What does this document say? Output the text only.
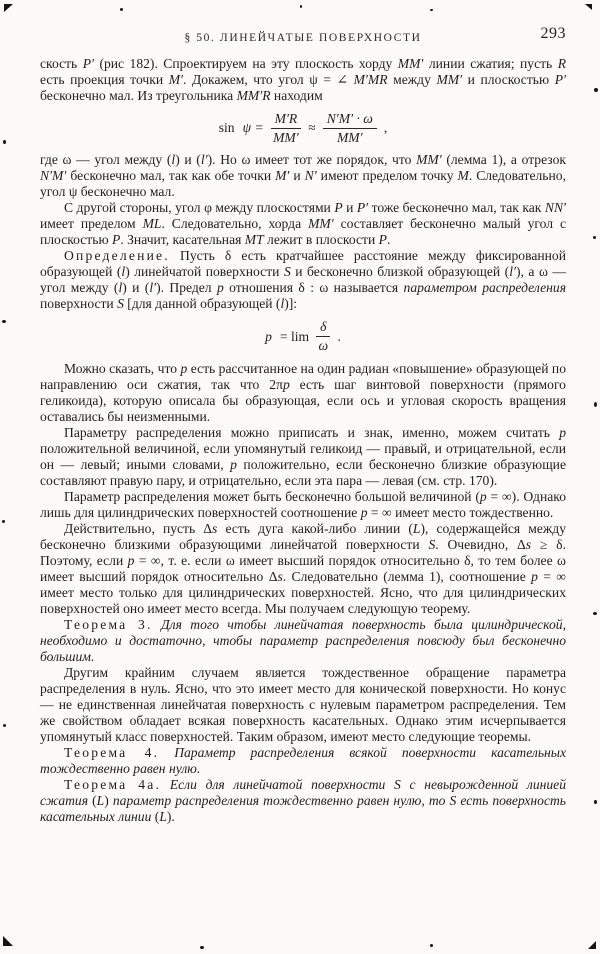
§ 50. ЛИНЕЙЧАТЫЕ ПОВЕРХНОСТИ	293

скость P′ (рис 182). Спроектируем на эту плоскость хорду MM′ линии сжатия; пусть R есть проекция точки M′. Докажем, что угол ψ = ∠ M′MR между MM′ и плоскостью P′ бесконечно мал. Из треугольника MM′R находим

$\sin \psi = \frac{M'R}{MM'} \approx \frac{N'M' \cdot \omega}{MM'}$ ,

где ω — угол между (l) и (l′). Но ω имеет тот же порядок, что MM′ (лемма 1), а отрезок N′M′ бесконечно мал, так как обе точки M′ и N′ имеют пределом точку M. Следовательно, угол ψ бесконечно мал.

С другой стороны, угол φ между плоскостями P и P′ тоже бесконечно мал, так как NN′ имеет пределом ML. Следовательно, хорда MM′ составляет бесконечно малый угол с плоскостью P. Значит, касательная MT лежит в плоскости P.

Определение. Пусть δ есть кратчайшее расстояние между фиксированной образующей (l) линейчатой поверхности S и бесконечно близкой образующей (l′), а ω — угол между (l) и (l′). Предел p отношения δ : ω называется параметром распределения поверхности S [для данной образующей (l)]:

$p = \lim \frac{\delta}{\omega}$ .

Можно сказать, что p есть рассчитанное на один радиан «повышение» образующей по направлению оси сжатия, так что 2πp есть шаг винтовой поверхности (прямого геликоида), которую описала бы образующая, если ось и угловая скорость вращения оставались бы неизменными.

Параметру распределения можно приписать и знак, именно, можем считать p положительной величиной, если упомянутый геликоид — правый, и отрицательной, если он — левый; иными словами, p положительно, если бесконечно близкие образующие составляют правую пару, и отрицательно, если эта пара — левая (см. стр. 170).

Параметр распределения может быть бесконечно большой величиной (p = ∞). Однако лишь для цилиндрических поверхностей соотношение p = ∞ имеет место тождественно.

Действительно, пусть Δs есть дуга какой-либо линии (L), содержащейся между бесконечно близкими образующими линейчатой поверхности S. Очевидно, Δs ≥ δ. Поэтому, если p = ∞, т. е. если ω имеет высший порядок относительно δ, то тем более ω имеет высший порядок относительно Δs. Следовательно (лемма 1), соотношение p = ∞ имеет место только для цилиндрических поверхностей. Ясно, что для цилиндрических поверхностей оно имеет место всегда. Мы получаем следующую теорему.

Теорема 3. Для того чтобы линейчатая поверхность была цилиндрической, необходимо и достаточно, чтобы параметр распределения повсюду был бесконечно большим.

Другим крайним случаем является тождественное обращение параметра распределения в нуль. Ясно, что это имеет место для конической поверхности. Но конус — не единственная линейчатая поверхность с нулевым параметром распределения. Тем же свойством обладает всякая поверхность касательных. Однако этим исчерпывается упомянутый класс поверхностей. Таким образом, имеют место следующие теоремы.

Теорема 4. Параметр распределения всякой поверхности касательных тождественно равен нулю.

Теорема 4а. Если для линейчатой поверхности S с невырожденной линией сжатия (L) параметр распределения тождественно равен нулю, то S есть поверхность касательных линии (L).
